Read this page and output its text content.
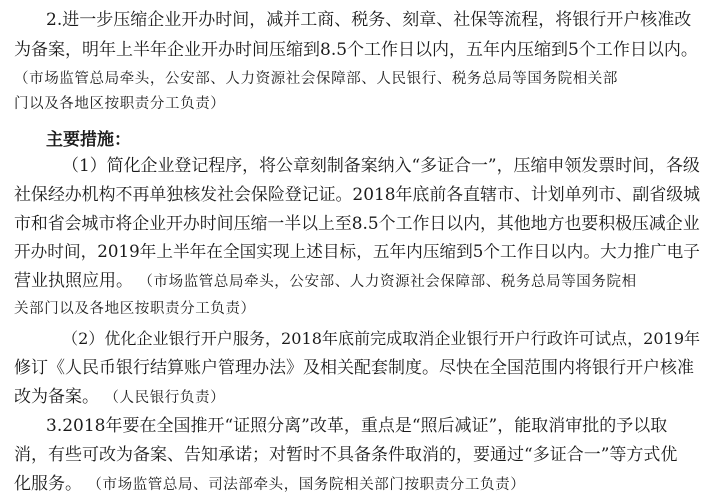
2.进一步压缩企业开办时间，减并工商、税务、刻章、社保等流程，将银行开户核准改
为备案，明年上半年企业开办时间压缩到8.5个工作日以内，五年内压缩到5个工作日以内。
（市场监管总局牵头，公安部、人力资源社会保障部、人民银行、税务总局等国务院相关部
门以及各地区按职责分工负责）
主要措施：
（1）简化企业登记程序，将公章刻制备案纳入“多证合一”，压缩申领发票时间，各级
社保经办机构不再单独核发社会保险登记证。2018年底前各直辖市、计划单列市、副省级城
市和省会城市将企业开办时间压缩一半以上至8.5个工作日以内，其他地方也要积极压减企业
开办时间，2019年上半年在全国实现上述目标，五年内压缩到5个工作日以内。大力推广电子
营业执照应用。 （市场监管总局牵头，公安部、人力资源社会保障部、税务总局等国务院相
关部门以及各地区按职责分工负责）
（2）优化企业银行开户服务，2018年底前完成取消企业银行开户行政许可试点，2019年
修订《人民币银行结算账户管理办法》及相关配套制度。尽快在全国范围内将银行开户核准
改为备案。 （人民银行负责）
3.2018年要在全国推开“证照分离”改革，重点是“照后减证”，能取消审批的予以取
消，有些可改为备案、告知承诺；对暂时不具备条件取消的，要通过“多证合一”等方式优
化服务。 （市场监管总局、司法部牵头，国务院相关部门按职责分工负责）
